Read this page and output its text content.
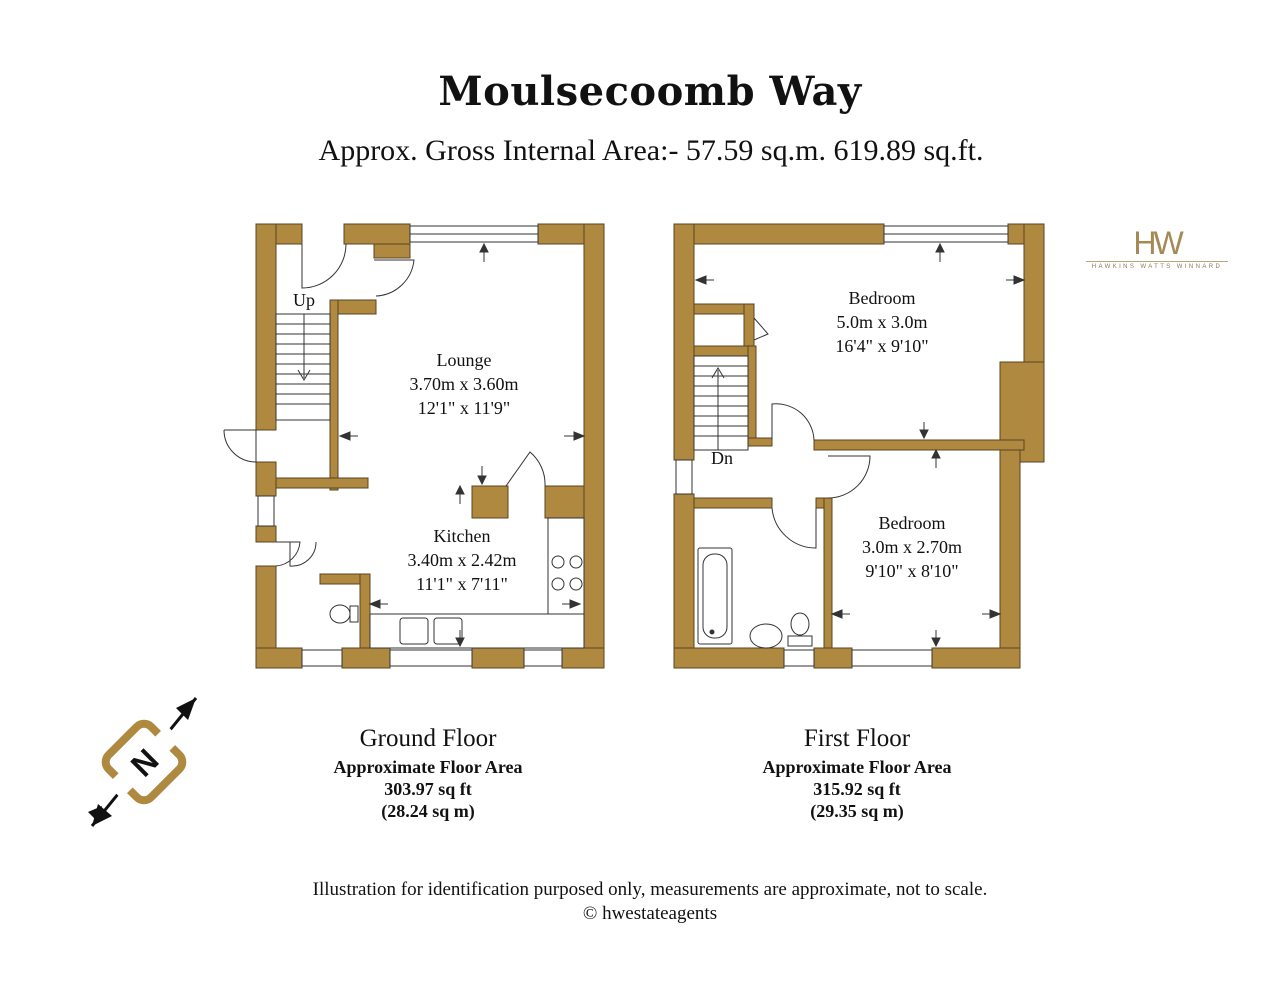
Moulsecoomb Way
Approx. Gross Internal Area:- 57.59 sq.m. 619.89 sq.ft.
HW
HAWKINS WATTS WINNARD
N
Lounge
3.70m x 3.60m
12'1" x 11'9"
Kitchen
3.40m x 2.42m
11'1" x 7'11"
Up	Bedroom
5.0m x 3.0m
16'4" x 9'10"
Bedroom
3.0m x 2.70m
9'10" x 8'10"
Dn
Ground Floor
Approximate Floor Area
303.97 sq ft
(28.24 sq m)
First Floor
Approximate Floor Area
315.92 sq ft
(29.35 sq m)
Illustration for identification purposed only, measurements are approximate, not to scale.
© hwestateagents
